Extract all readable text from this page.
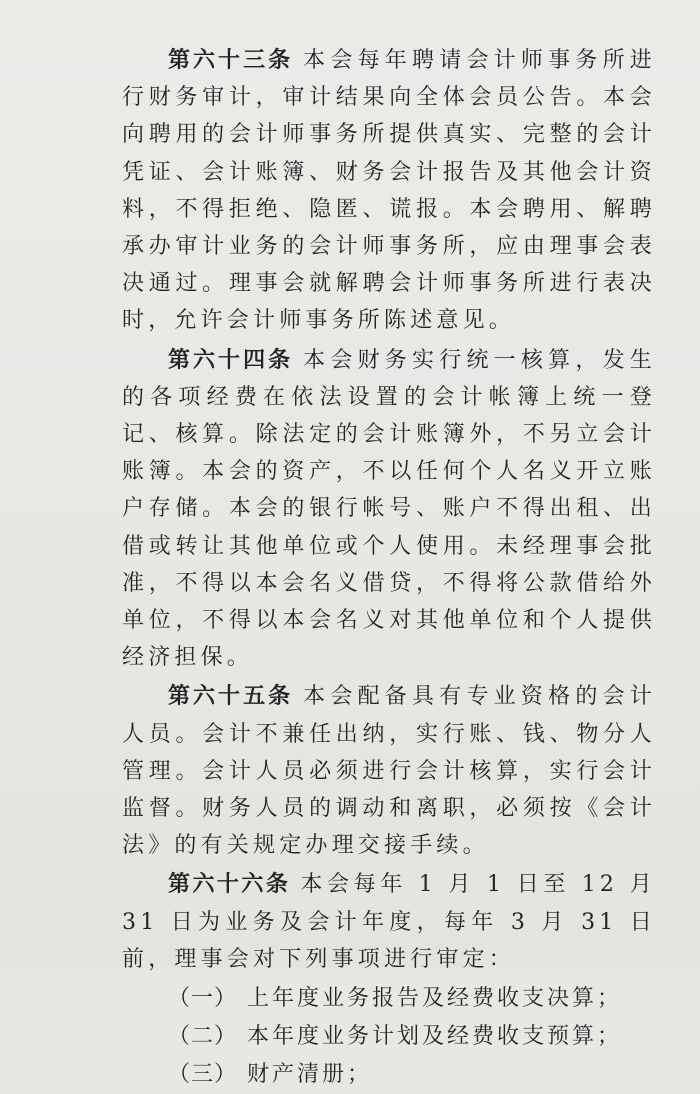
第六十三条 本会每年聘请会计师事务所进行财务审计，审计结果向全体会员公告。本会向聘用的会计师事务所提供真实、完整的会计凭证、会计账簿、财务会计报告及其他会计资料，不得拒绝、隐匿、谎报。本会聘用、解聘承办审计业务的会计师事务所，应由理事会表决通过。理事会就解聘会计师事务所进行表决时，允许会计师事务所陈述意见。

第六十四条 本会财务实行统一核算，发生的各项经费在依法设置的会计帐簿上统一登记、核算。除法定的会计账簿外，不另立会计账簿。本会的资产，不以任何个人名义开立账户存储。本会的银行帐号、账户不得出租、出借或转让其他单位或个人使用。未经理事会批准，不得以本会名义借贷，不得将公款借给外单位，不得以本会名义对其他单位和个人提供经济担保。

第六十五条 本会配备具有专业资格的会计人员。会计不兼任出纳，实行账、钱、物分人管理。会计人员必须进行会计核算，实行会计监督。财务人员的调动和离职，必须按《会计法》的有关规定办理交接手续。

第六十六条 本会每年 1 月 1 日至 12 月 31 日为业务及会计年度，每年 3 月 31 日前，理事会对下列事项进行审定：

（一） 上年度业务报告及经费收支决算；

（二） 本年度业务计划及经费收支预算；

（三） 财产清册；
